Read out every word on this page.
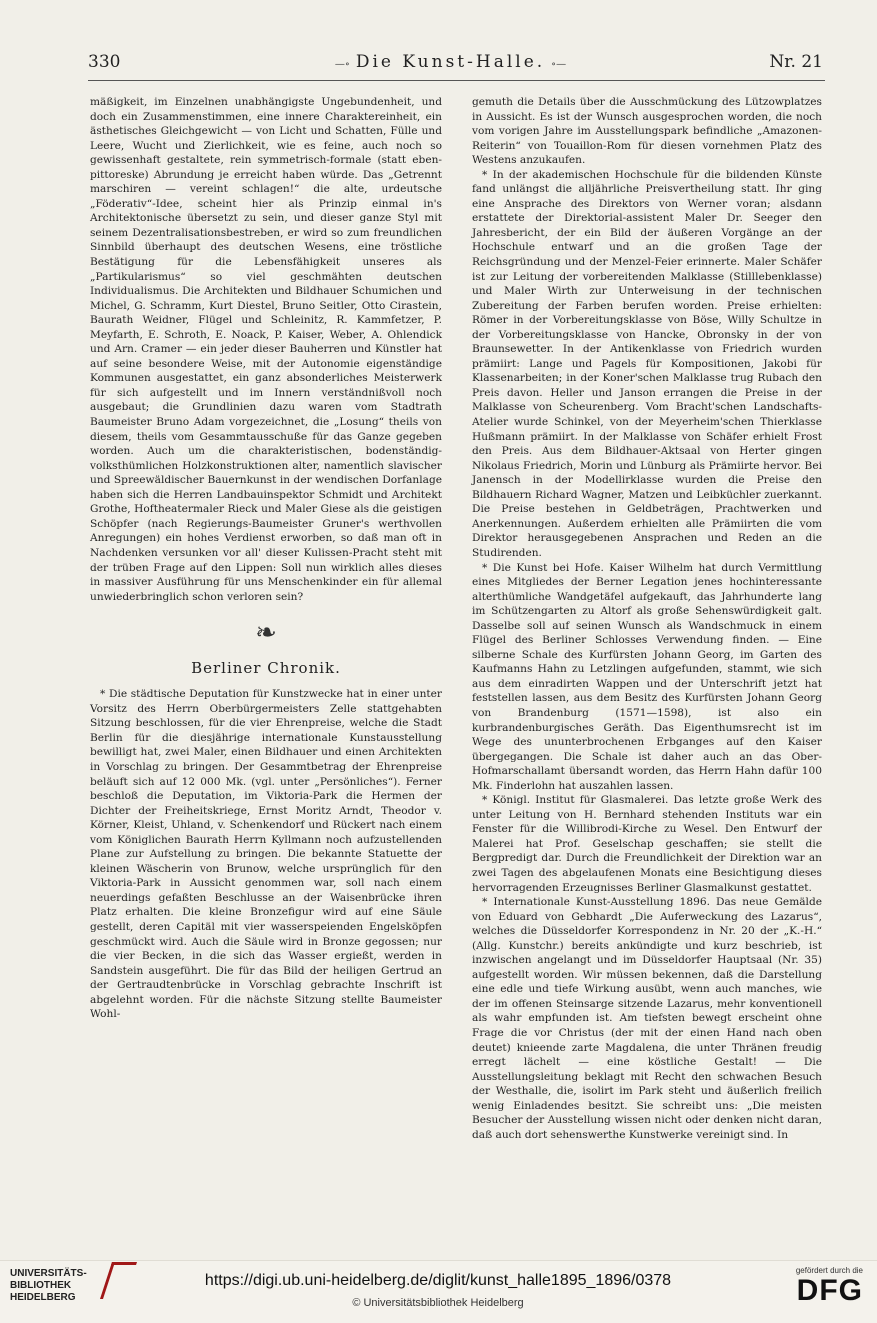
330	—∘ Die Kunst-Halle. ∘—	Nr. 21

mäßigkeit, im Einzelnen unabhängigste Ungebundenheit, und doch ein Zusammenstimmen, eine innere Charaktereinheit, ein ästhetisches Gleichgewicht — von Licht und Schatten, Fülle und Leere, Wucht und Zierlichkeit, wie es feine, auch noch so gewissenhaft gestaltete, rein symmetrisch-formale (statt eben-pittoreske) Abrundung je erreicht haben würde. Das „Getrennt marschiren — vereint schlagen!“ die alte, urdeutsche „Föderativ“-Idee, scheint hier als Prinzip einmal in's Architektonische übersetzt zu sein, und dieser ganze Styl mit seinem Dezentralisationsbestreben, er wird so zum freundlichen Sinnbild überhaupt des deutschen Wesens, eine tröstliche Bestätigung für die Lebensfähigkeit unseres als „Partikularismus“ so viel geschmähten deutschen Individualismus. Die Architekten und Bildhauer Schumichen und Michel, G. Schramm, Kurt Diestel, Bruno Seitler, Otto Cirastein, Baurath Weidner, Flügel und Schleinitz, R. Kammfetzer, P. Meyfarth, E. Schroth, E. Noack, P. Kaiser, Weber, A. Ohlendick und Arn. Cramer — ein jeder dieser Bauherren und Künstler hat auf seine besondere Weise, mit der Autonomie eigenständige Kommunen ausgestattet, ein ganz absonderliches Meisterwerk für sich aufgestellt und im Innern verständnißvoll noch ausgebaut; die Grundlinien dazu waren vom Stadtrath Baumeister Bruno Adam vorgezeichnet, die „Losung“ theils von diesem, theils vom Gesammtausschuße für das Ganze gegeben worden. Auch um die charakteristischen, bodenständig-volksthümlichen Holzkonstruktionen alter, namentlich slavischer und Spreewäldischer Bauernkunst in der wendischen Dorfanlage haben sich die Herren Landbauinspektor Schmidt und Architekt Grothe, Hoftheatermaler Rieck und Maler Giese als die geistigen Schöpfer (nach Regierungs-Baumeister Gruner's werthvollen Anregungen) ein hohes Verdienst erworben, so daß man oft in Nachdenken versunken vor all' dieser Kulissen-Pracht steht mit der trüben Frage auf den Lippen: Soll nun wirklich alles dieses in massiver Ausführung für uns Menschenkinder ein für allemal unwiederbringlich schon verloren sein?

❧
Berliner Chronik.

* Die städtische Deputation für Kunstzwecke hat in einer unter Vorsitz des Herrn Oberbürgermeisters Zelle stattgehabten Sitzung beschlossen, für die vier Ehrenpreise, welche die Stadt Berlin für die diesjährige internationale Kunstausstellung bewilligt hat, zwei Maler, einen Bildhauer und einen Architekten in Vorschlag zu bringen. Der Gesammtbetrag der Ehrenpreise beläuft sich auf 12 000 Mk. (vgl. unter „Persönliches“). Ferner beschloß die Deputation, im Viktoria-Park die Hermen der Dichter der Freiheitskriege, Ernst Moritz Arndt, Theodor v. Körner, Kleist, Uhland, v. Schenkendorf und Rückert nach einem vom Königlichen Baurath Herrn Kyllmann noch aufzustellenden Plane zur Aufstellung zu bringen. Die bekannte Statuette der kleinen Wäscherin von Brunow, welche ursprünglich für den Viktoria-Park in Aussicht genommen war, soll nach einem neuerdings gefaßten Beschlusse an der Waisenbrücke ihren Platz erhalten. Die kleine Bronzefigur wird auf eine Säule gestellt, deren Capitäl mit vier wasserspeienden Engelsköpfen geschmückt wird. Auch die Säule wird in Bronze gegossen; nur die vier Becken, in die sich das Wasser ergießt, werden in Sandstein ausgeführt. Die für das Bild der heiligen Gertrud an der Gertraudtenbrücke in Vorschlag gebrachte Inschrift ist abgelehnt worden. Für die nächste Sitzung stellte Baumeister Wohl-

gemuth die Details über die Ausschmückung des Lützowplatzes in Aussicht. Es ist der Wunsch ausgesprochen worden, die noch vom vorigen Jahre im Ausstellungspark befindliche „Amazonen-Reiterin“ von Touaillon-Rom für diesen vornehmen Platz des Westens anzukaufen.

* In der akademischen Hochschule für die bildenden Künste fand unlängst die alljährliche Preisvertheilung statt. Ihr ging eine Ansprache des Direktors von Werner voran; alsdann erstattete der Direktorial-assistent Maler Dr. Seeger den Jahresbericht, der ein Bild der äußeren Vorgänge an der Hochschule entwarf und an die großen Tage der Reichsgründung und der Menzel-Feier erinnerte. Maler Schäfer ist zur Leitung der vorbereitenden Malklasse (Stilllebenklasse) und Maler Wirth zur Unterweisung in der technischen Zubereitung der Farben berufen worden. Preise erhielten: Römer in der Vorbereitungsklasse von Böse, Willy Schultze in der Vorbereitungsklasse von Hancke, Obronsky in der von Braunsewetter. In der Antikenklasse von Friedrich wurden prämiirt: Lange und Pagels für Kompositionen, Jakobi für Klassenarbeiten; in der Koner'schen Malklasse trug Rubach den Preis davon. Heller und Janson errangen die Preise in der Malklasse von Scheurenberg. Vom Bracht'schen Landschafts-Atelier wurde Schinkel, von der Meyerheim'schen Thierklasse Hußmann prämiirt. In der Malklasse von Schäfer erhielt Frost den Preis. Aus dem Bildhauer-Aktsaal von Herter gingen Nikolaus Friedrich, Morin und Lünburg als Prämiirte hervor. Bei Janensch in der Modellirklasse wurden die Preise den Bildhauern Richard Wagner, Matzen und Leibküchler zuerkannt. Die Preise bestehen in Geldbeträgen, Prachtwerken und Anerkennungen. Außerdem erhielten alle Prämiirten die vom Direktor herausgegebenen Ansprachen und Reden an die Studirenden.

* Die Kunst bei Hofe. Kaiser Wilhelm hat durch Vermittlung eines Mitgliedes der Berner Legation jenes hochinteressante alterthümliche Wandgetäfel aufgekauft, das Jahrhunderte lang im Schützengarten zu Altorf als große Sehenswürdigkeit galt. Dasselbe soll auf seinen Wunsch als Wandschmuck in einem Flügel des Berliner Schlosses Verwendung finden. — Eine silberne Schale des Kurfürsten Johann Georg, im Garten des Kaufmanns Hahn zu Letzlingen aufgefunden, stammt, wie sich aus dem einradirten Wappen und der Unterschrift jetzt hat feststellen lassen, aus dem Besitz des Kurfürsten Johann Georg von Brandenburg (1571—1598), ist also ein kurbrandenburgisches Geräth. Das Eigenthumsrecht ist im Wege des ununterbrochenen Erbganges auf den Kaiser übergegangen. Die Schale ist daher auch an das Ober-Hofmarschallamt übersandt worden, das Herrn Hahn dafür 100 Mk. Finderlohn hat auszahlen lassen.

* Königl. Institut für Glasmalerei. Das letzte große Werk des unter Leitung von H. Bernhard stehenden Instituts war ein Fenster für die Willibrodi-Kirche zu Wesel. Den Entwurf der Malerei hat Prof. Geselschap geschaffen; sie stellt die Bergpredigt dar. Durch die Freundlichkeit der Direktion war an zwei Tagen des abgelaufenen Monats eine Besichtigung dieses hervorragenden Erzeugnisses Berliner Glasmalkunst gestattet.

* Internationale Kunst-Ausstellung 1896. Das neue Gemälde von Eduard von Gebhardt „Die Auferweckung des Lazarus“, welches die Düsseldorfer Korrespondenz in Nr. 20 der „K.-H.“ (Allg. Kunstchr.) bereits ankündigte und kurz beschrieb, ist inzwischen angelangt und im Düsseldorfer Hauptsaal (Nr. 35) aufgestellt worden. Wir müssen bekennen, daß die Darstellung eine edle und tiefe Wirkung ausübt, wenn auch manches, wie der im offenen Steinsarge sitzende Lazarus, mehr konventionell als wahr empfunden ist. Am tiefsten bewegt erscheint ohne Frage die vor Christus (der mit der einen Hand nach oben deutet) knieende zarte Magdalena, die unter Thränen freudig erregt lächelt — eine köstliche Gestalt! — Die Ausstellungsleitung beklagt mit Recht den schwachen Besuch der Westhalle, die, isolirt im Park steht und äußerlich freilich wenig Einladendes besitzt. Sie schreibt uns: „Die meisten Besucher der Ausstellung wissen nicht oder denken nicht daran, daß auch dort sehenswerthe Kunstwerke vereinigt sind. In

UNIVERSITÄTS-
BIBLIOTHEK
HEIDELBERG
https://digi.ub.uni-heidelberg.de/diglit/kunst_halle1895_1896/0378
© Universitätsbibliothek Heidelberg
gefördert durch die
DFG
